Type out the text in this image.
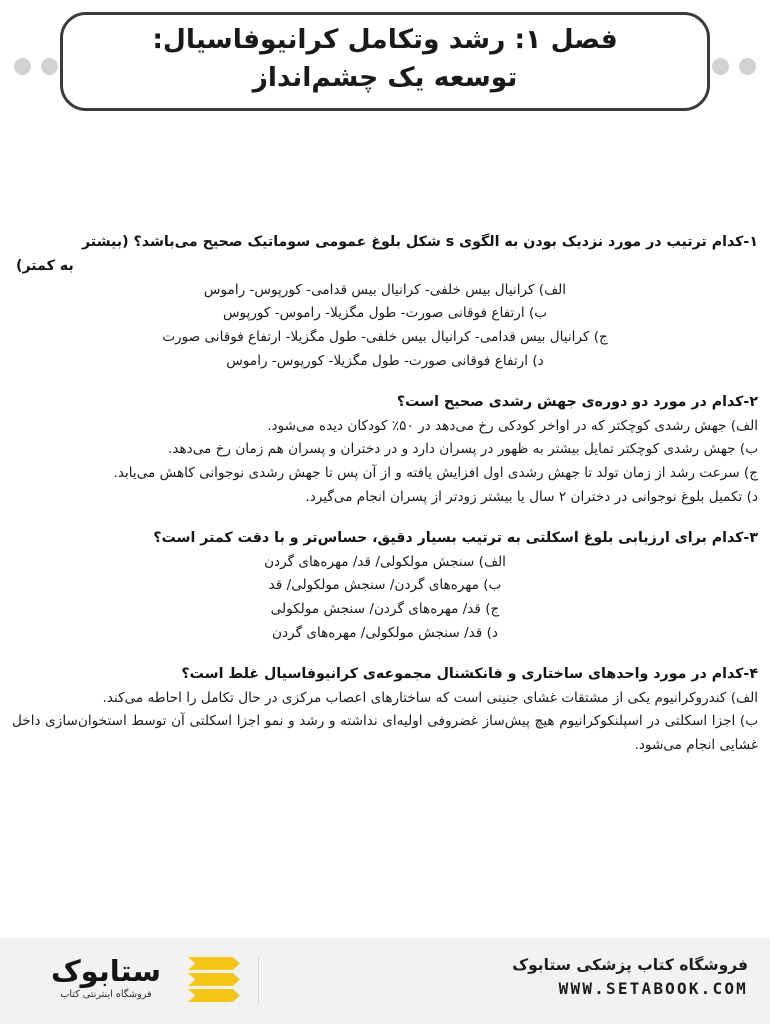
فصل ۱: رشد وتکامل کرانیوفاسیال:
توسعه یک چشم‌انداز
۱-کدام ترتیب در مورد نزدیک بودن به الگوی s شکل بلوغ عمومی سوماتیک صحیح می‌باشد؟ (بیشتر
به کمتر)
الف) کرانیال بیس خلفی- کرانیال بیس قدامی- کورپوس- راموس
ب) ارتفاع فوقانی صورت- طول مگزیلا- راموس- کورپوس
ج) کرانیال بیس قدامی- کرانیال بیس خلفی- طول مگزیلا- ارتفاع فوقانی صورت
د) ارتفاع فوقانی صورت- طول مگزیلا- کورپوس- راموس
۲-کدام در مورد دو دوره‌ی جهش رشدی صحیح است؟
الف) جهش رشدی کوچکتر که در اواخر کودکی رخ می‌دهد در ۵۰٪ کودکان دیده می‌شود.
ب) جهش رشدی کوچکتر تمایل بیشتر به ظهور در پسران دارد و در دختران و پسران هم زمان رخ می‌دهد.
ج) سرعت رشد از زمان تولد تا جهش رشدی اول افزایش یافته و از آن پس تا جهش رشدی نوجوانی کاهش می‌یابد.
د) تکمیل بلوغ نوجوانی در دختران ۲ سال یا بیشتر زودتر از پسران انجام می‌گیرد.
۳-کدام برای ارزیابی بلوغ اسکلتی به ترتیب بسیار دقیق، حساس‌تر و با دقت کمتر است؟
الف) سنجش مولکولی/ قد/ مهره‌های گردن
ب) مهره‌های گردن/ سنجش مولکولی/ قد
ج) قد/ مهره‌های گردن/ سنجش مولکولی
د) قد/ سنجش مولکولی/ مهره‌های گردن
۴-کدام در مورد واحدهای ساختاری و فانکشنال مجموعه‌ی کرانیوفاسیال غلط است؟
الف) کندروکرانیوم یکی از مشتقات غشای جنینی است که ساختارهای اعصاب مرکزی در حال تکامل را احاطه می‌کند.
ب) اجزا اسکلتی در اسپلنکوکرانیوم هیچ پیش‌ساز غضروفی اولیه‌ای نداشته و رشد و نمو اجزا اسکلتی آن توسط استخوان‌سازی داخل غشایی انجام می‌شود.
فروشگاه کتاب پزشکی ستابوک
WWW.SETABOOK.COM
ستابوک
فروشگاه اینترنتی کتاب
